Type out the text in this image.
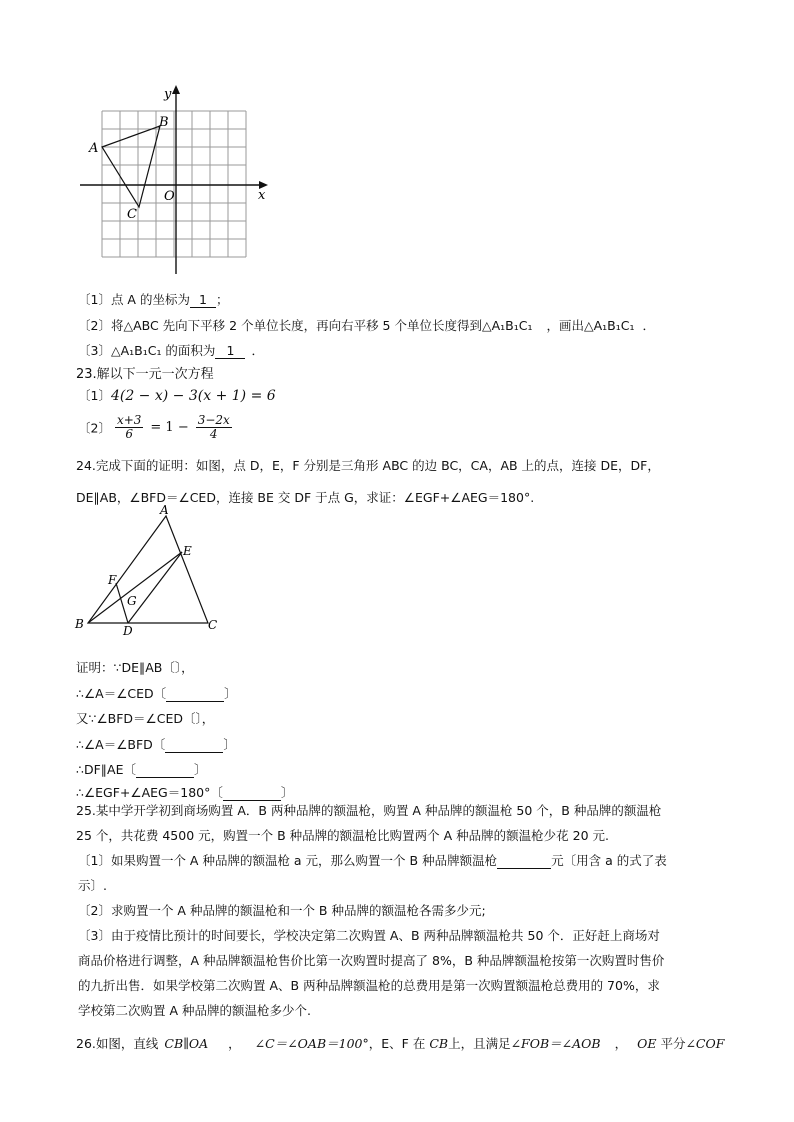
y
x
O
A
B
C
〔1〕点 A 的坐标为1；
〔2〕将△ABC 先向下平移 2 个单位长度，再向右平移 5 个单位长度得到△A₁B₁C₁ ，画出△A₁B₁C₁ ．
〔3〕△A₁B₁C₁ 的面积为1．
23.解以下一元一次方程
〔1〕4(2 − x) − 3(x + 1) = 6
〔2〕 $\frac{x+3}{6} = 1 - \frac{3-2x}{4}$
24.完成下面的证明：如图，点 D，E，F 分别是三角形 ABC 的边 BC，CA，AB 上的点，连接 DE，DF，
DE∥AB，∠BFD＝∠CED，连接 BE 交 DF 于点 G，求证：∠EGF+∠AEG＝180°.
A
B	C
D
E
F
G
证明：∵DE∥AB〔〕，
∴∠A＝∠CED〔	〕
又∵∠BFD＝∠CED〔〕，
∴∠A＝∠BFD〔	〕
∴DF∥AE〔	〕
∴∠EGF+∠AEG＝180°〔	〕
25.某中学开学初到商场购置 A．B 两种品牌的额温枪，购置 A 种品牌的额温枪 50 个，B 种品牌的额温枪
25 个，共花费 4500 元，购置一个 B 种品牌的额温枪比购置两个 A 种品牌的额温枪少花 20 元.
〔1〕如果购置一个 A 种品牌的额温枪 a 元，那么购置一个 B 种品牌额温枪	元〔用含 a 的式了表
示〕.
〔2〕求购置一个 A 种品牌的额温枪和一个 B 种品牌的额温枪各需多少元;
〔3〕由于疫情比预计的时间要长，学校决定第二次购置 A、B 两种品牌额温枪共 50 个．正好赶上商场对
商品价格进行调整，A 种品牌额温枪售价比第一次购置时提高了 8%，B 种品牌额温枪按第一次购置时售价
的九折出售．如果学校第二次购置 A、B 两种品牌额温枪的总费用是第一次购置额温枪总费用的 70%，求
学校第二次购置 A 种品牌的额温枪多少个.
26.如图，直线 CB∥OA ， ∠C＝∠OAB＝100°，E、F 在 CB上，且满足∠FOB＝∠AOB ， OE 平分∠COF
